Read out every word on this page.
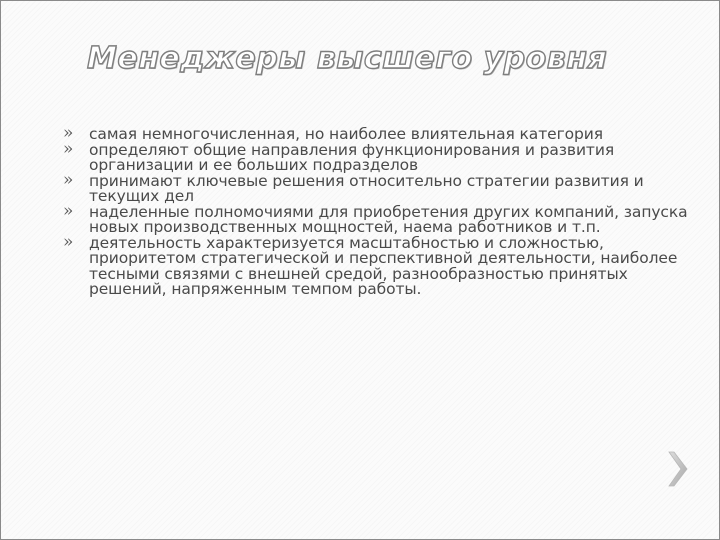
Менеджеры высшего уровня
» самая немногочисленная, но наиболее влиятельная категория
» определяют общие направления функционирования и развития организации и ее больших подразделов
» принимают ключевые решения относительно стратегии развития и текущих дел
» наделенные полномочиями для приобретения других компаний, запуска новых производственных мощностей, наема работников и т.п.
» деятельность характеризуется масштабностью и сложностью, приоритетом стратегической и перспективной деятельности, наиболее тесными связями с внешней средой, разнообразностью принятых решений, напряженным темпом работы.
